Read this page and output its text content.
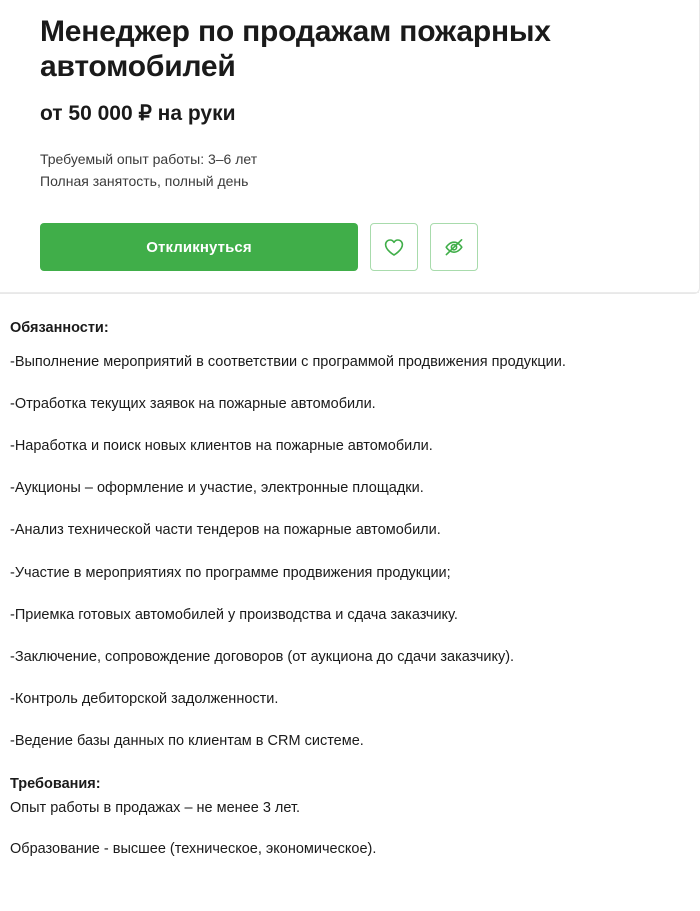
Менеджер по продажам пожарных автомобилей
от 50 000 ₽ на руки
Требуемый опыт работы: 3–6 лет
Полная занятость, полный день
Откликнуться
Обязанности:

-Выполнение мероприятий в соответствии с программой продвижения продукции.

-Отработка текущих заявок на пожарные автомобили.

-Наработка и поиск новых клиентов на пожарные автомобили.

-Аукционы – оформление и участие, электронные площадки.

-Анализ технической части тендеров на пожарные автомобили.

-Участие в мероприятиях по программе продвижения продукции;

-Приемка готовых автомобилей у производства и сдача заказчику.

-Заключение, сопровождение договоров (от аукциона до сдачи заказчику).

-Контроль дебиторской задолженности.

-Ведение базы данных по клиентам в CRM системе.

Требования:

Опыт работы в продажах – не менее 3 лет.

Образование - высшее (техническое, экономическое).
